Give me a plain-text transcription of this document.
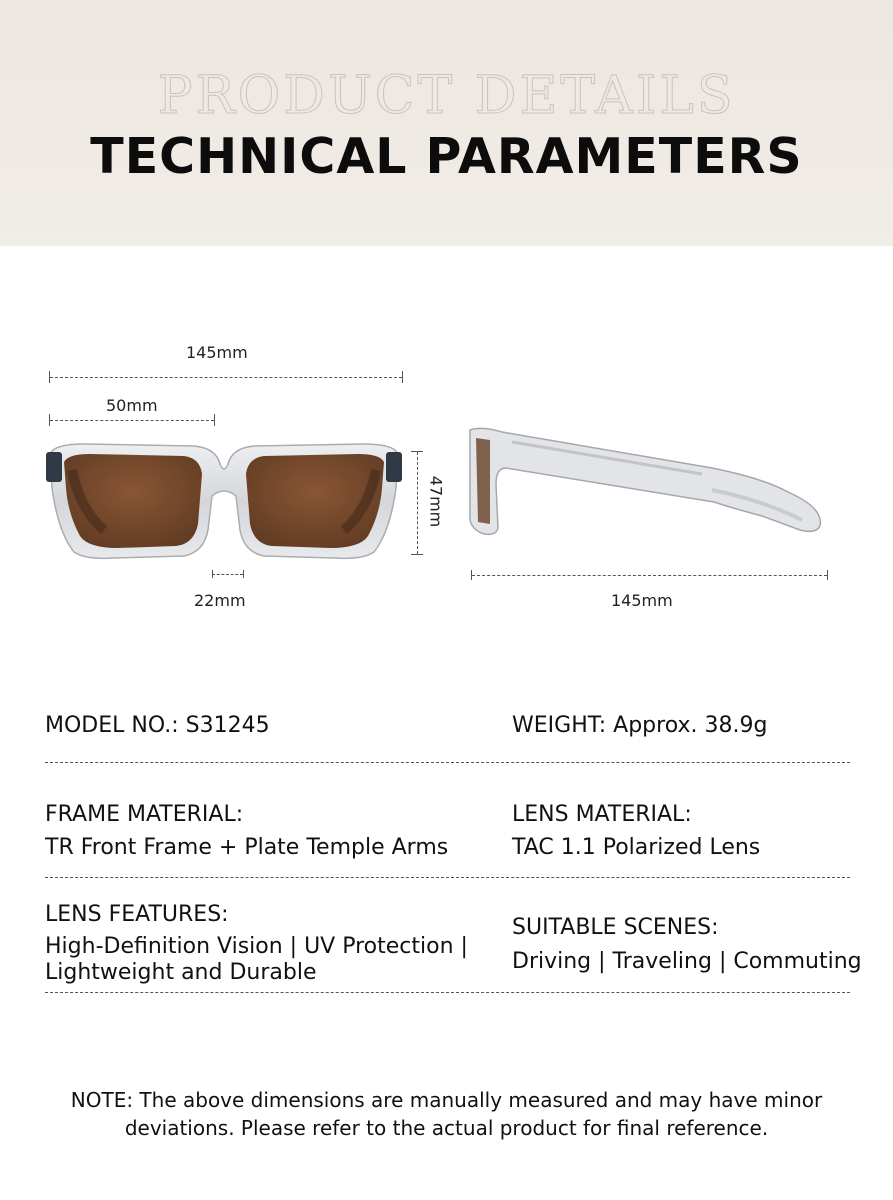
PRODUCT DETAILS
TECHNICAL PARAMETERS
145mm
50mm
47mm
22mm	145mm
MODEL NO.: S31245	WEIGHT: Approx. 38.9g
FRAME MATERIAL:
TR Front Frame + Plate Temple Arms
LENS MATERIAL:
TAC 1.1 Polarized Lens
LENS FEATURES:
High-Definition Vision | UV Protection |
Lightweight and Durable
SUITABLE SCENES:
Driving | Traveling | Commuting
NOTE: The above dimensions are manually measured and may have minor
deviations. Please refer to the actual product for final reference.
